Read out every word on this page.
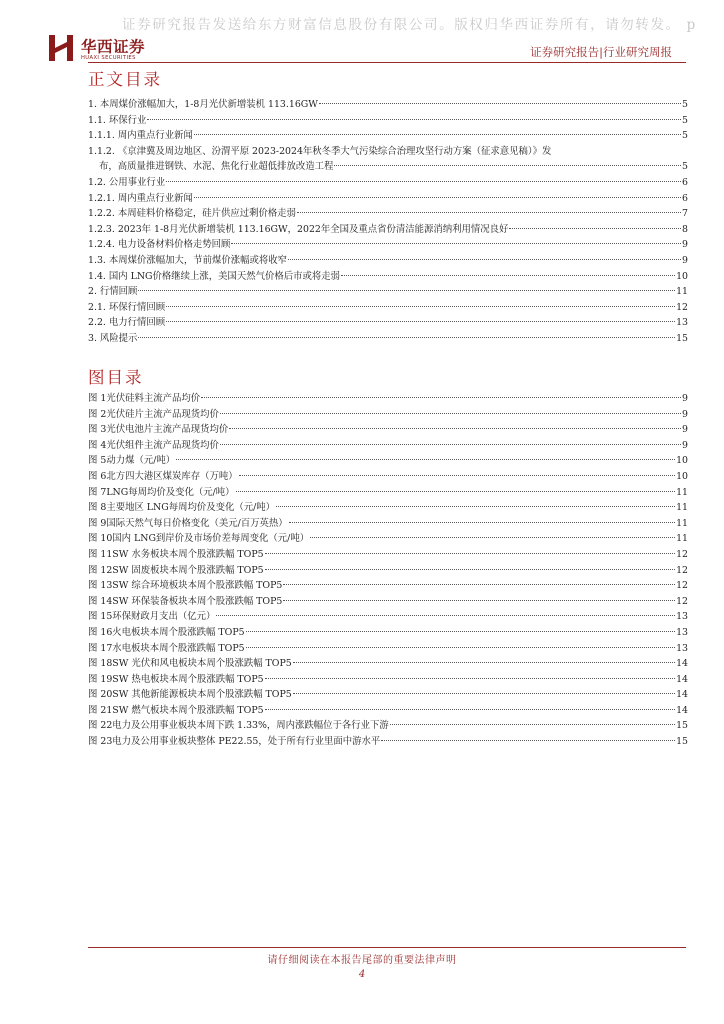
证券研究报告发送给东方财富信息股份有限公司。版权归华西证券所有，请勿转发。 p
华西证券
HUAXI SECURITIES	证券研究报告|行业研究周报
正文目录
1. 本周煤价涨幅加大，1-8月光伏新增装机 113.16GW	5
1.1. 环保行业	5
1.1.1. 周内重点行业新闻	5
1.1.2. 《京津冀及周边地区、汾渭平原 2023-2024年秋冬季大气污染综合治理攻坚行动方案（征求意见稿）》发
布，高质量推进钢铁、水泥、焦化行业超低排放改造工程	5
1.2. 公用事业行业	6
1.2.1. 周内重点行业新闻	6
1.2.2. 本周硅料价格稳定，硅片供应过剩价格走弱	7
1.2.3. 2023年 1-8月光伏新增装机 113.16GW，2022年全国及重点省份清洁能源消纳利用情况良好	8
1.2.4. 电力设备材料价格走势回顾	9
1.3. 本周煤价涨幅加大，节前煤价涨幅或将收窄	9
1.4. 国内 LNG价格继续上涨，美国天然气价格后市或将走弱	10
2. 行情回顾	11
2.1. 环保行情回顾	12
2.2. 电力行情回顾	13
3. 风险提示	15
图目录
图 1光伏硅料主流产品均价	9
图 2光伏硅片主流产品现货均价	9
图 3光伏电池片主流产品现货均价	9
图 4光伏组件主流产品现货均价	9
图 5动力煤（元/吨）	10
图 6北方四大港区煤炭库存（万吨）	10
图 7LNG每周均价及变化（元/吨）	11
图 8主要地区 LNG每周均价及变化（元/吨）	11
图 9国际天然气每日价格变化（美元/百万英热）	11
图 10国内 LNG到岸价及市场价差每周变化（元/吨）	11
图 11SW 水务板块本周个股涨跌幅 TOP5	12
图 12SW 固废板块本周个股涨跌幅 TOP5	12
图 13SW 综合环境板块本周个股涨跌幅 TOP5	12
图 14SW 环保装备板块本周个股涨跌幅 TOP5	12
图 15环保财政月支出（亿元）	13
图 16火电板块本周个股涨跌幅 TOP5	13
图 17水电板块本周个股涨跌幅 TOP5	13
图 18SW 光伏和风电板块本周个股涨跌幅 TOP5	14
图 19SW 热电板块本周个股涨跌幅 TOP5	14
图 20SW 其他新能源板块本周个股涨跌幅 TOP5	14
图 21SW 燃气板块本周个股涨跌幅 TOP5	14
图 22电力及公用事业板块本周下跌 1.33%，周内涨跌幅位于各行业下游	15
图 23电力及公用事业板块整体 PE22.55，处于所有行业里面中游水平	15
请仔细阅读在本报告尾部的重要法律声明
4
